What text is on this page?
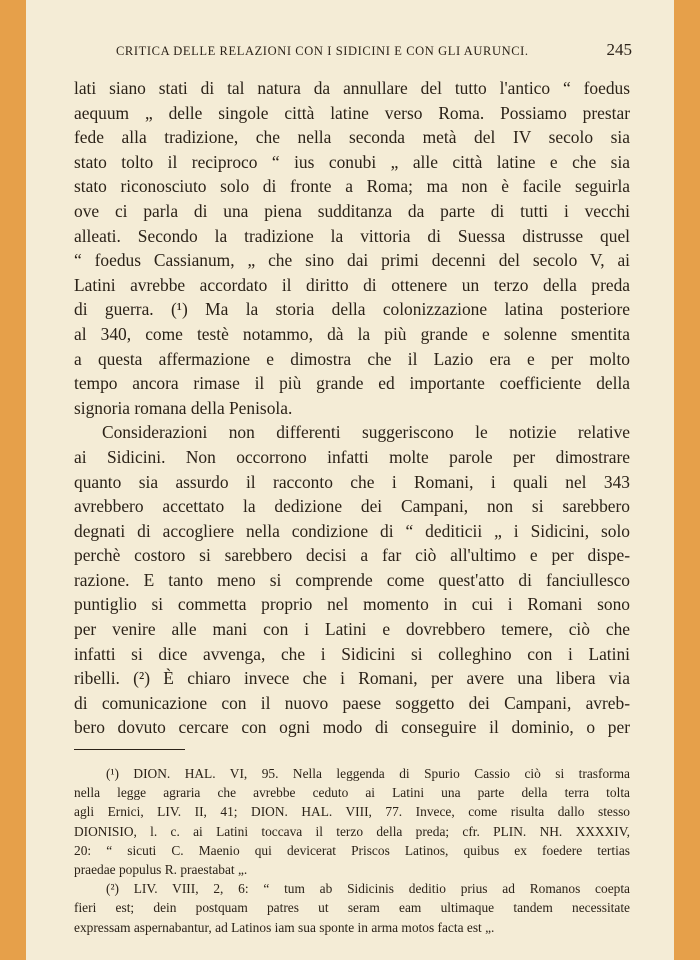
CRITICA DELLE RELAZIONI CON I SIDICINI E CON GLI AURUNCI.	245

lati siano stati di tal natura da annullare del tutto l'antico “ foedus
aequum „ delle singole città latine verso Roma. Possiamo prestar
fede alla tradizione, che nella seconda metà del IV secolo sia
stato tolto il reciproco “ ius conubi „ alle città latine e che sia
stato riconosciuto solo di fronte a Roma; ma non è facile seguirla
ove ci parla di una piena sudditanza da parte di tutti i vecchi
alleati. Secondo la tradizione la vittoria di Suessa distrusse quel
“ foedus Cassianum, „ che sino dai primi decenni del secolo V, ai
Latini avrebbe accordato il diritto di ottenere un terzo della preda
di guerra. (¹) Ma la storia della colonizzazione latina posteriore
al 340, come testè notammo, dà la più grande e solenne smentita
a questa affermazione e dimostra che il Lazio era e per molto
tempo ancora rimase il più grande ed importante coefficiente della
signoria romana della Penisola.

Considerazioni non differenti suggeriscono le notizie relative
ai Sidicini. Non occorrono infatti molte parole per dimostrare
quanto sia assurdo il racconto che i Romani, i quali nel 343
avrebbero accettato la dedizione dei Campani, non si sarebbero
degnati di accogliere nella condizione di “ dediticii „ i Sidicini, solo
perchè costoro si sarebbero decisi a far ciò all'ultimo e per dispe-
razione. E tanto meno si comprende come quest'atto di fanciullesco
puntiglio si commetta proprio nel momento in cui i Romani sono
per venire alle mani con i Latini e dovrebbero temere, ciò che
infatti si dice avvenga, che i Sidicini si colleghino con i Latini
ribelli. (²) È chiaro invece che i Romani, per avere una libera via
di comunicazione con il nuovo paese soggetto dei Campani, avreb-
bero dovuto cercare con ogni modo di conseguire il dominio, o per

(¹) DION. HAL. VI, 95. Nella leggenda di Spurio Cassio ciò si trasforma
nella legge agraria che avrebbe ceduto ai Latini una parte della terra tolta
agli Ernici, LIV. II, 41; DION. HAL. VIII, 77. Invece, come risulta dallo stesso
DIONISIO, l. c. ai Latini toccava il terzo della preda; cfr. PLIN. NH. XXXXIV,
20: “ sicuti C. Maenio qui devicerat Priscos Latinos, quibus ex foedere tertias
praedae populus R. praestabat „.
(²) LIV. VIII, 2, 6: “ tum ab Sidicinis deditio prius ad Romanos coepta
fieri est; dein postquam patres ut seram eam ultimaque tandem necessitate
expressam aspernabantur, ad Latinos iam sua sponte in arma motos facta est „.
